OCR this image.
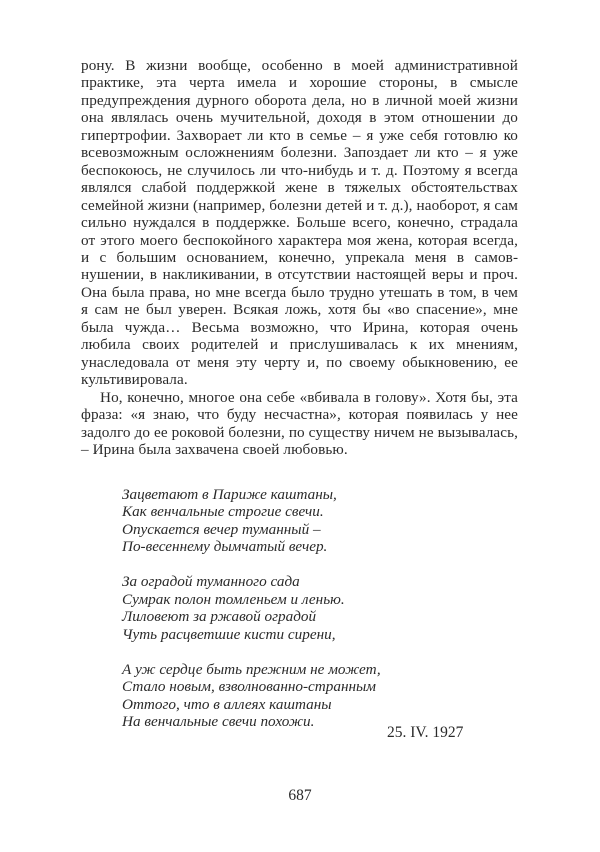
рону. В жизни вообще, особенно в моей административной практике, эта черта имела и хорошие стороны, в смысле предупреждения дурного оборота дела, но в личной моей жизни она являлась очень мучительной, доходя в этом отношении до гипертрофии. Захворает ли кто в семье – я уже себя готовлю ко всевозможным осложнениям болезни. Запоздает ли кто – я уже беспокоюсь, не случилось ли что-нибудь и т. д. Поэтому я всегда являлся слабой поддержкой жене в тяжелых обстоятельствах семейной жизни (например, болезни детей и т. д.), наоборот, я сам сильно нуждался в поддержке. Больше всего, конечно, страдала от этого моего беспокойного характера моя жена, которая всегда, и с большим основанием, конечно, упрекала меня в самовнушении, в накликивании, в отсутствии настоящей веры и проч. Она была права, но мне всегда было трудно утешать в том, в чем я сам не был уверен. Всякая ложь, хотя бы «во спасение», мне была чужда… Весьма возможно, что Ирина, которая очень любила своих родителей и прислушивалась к их мнениям, унаследовала от меня эту черту и, по своему обыкновению, ее культивировала.

Но, конечно, многое она себе «вбивала в голову». Хотя бы, эта фраза: «я знаю, что буду несчастна», которая появилась у нее задолго до ее роковой болезни, по существу ничем не вызывалась, – Ирина была захвачена своей любовью.

Зацветают в Париже каштаны,
Как венчальные строгие свечи.
Опускается вечер туманный –
По-весеннему дымчатый вечер.
За оградой туманного сада
Сумрак полон томленьем и ленью.
Лиловеют за ржавой оградой
Чуть расцветшие кисти сирени,
А уж сердце быть прежним не может,
Стало новым, взволнованно-странным
Оттого, что в аллеях каштаны
На венчальные свечи похожи.
25. IV. 1927
687
